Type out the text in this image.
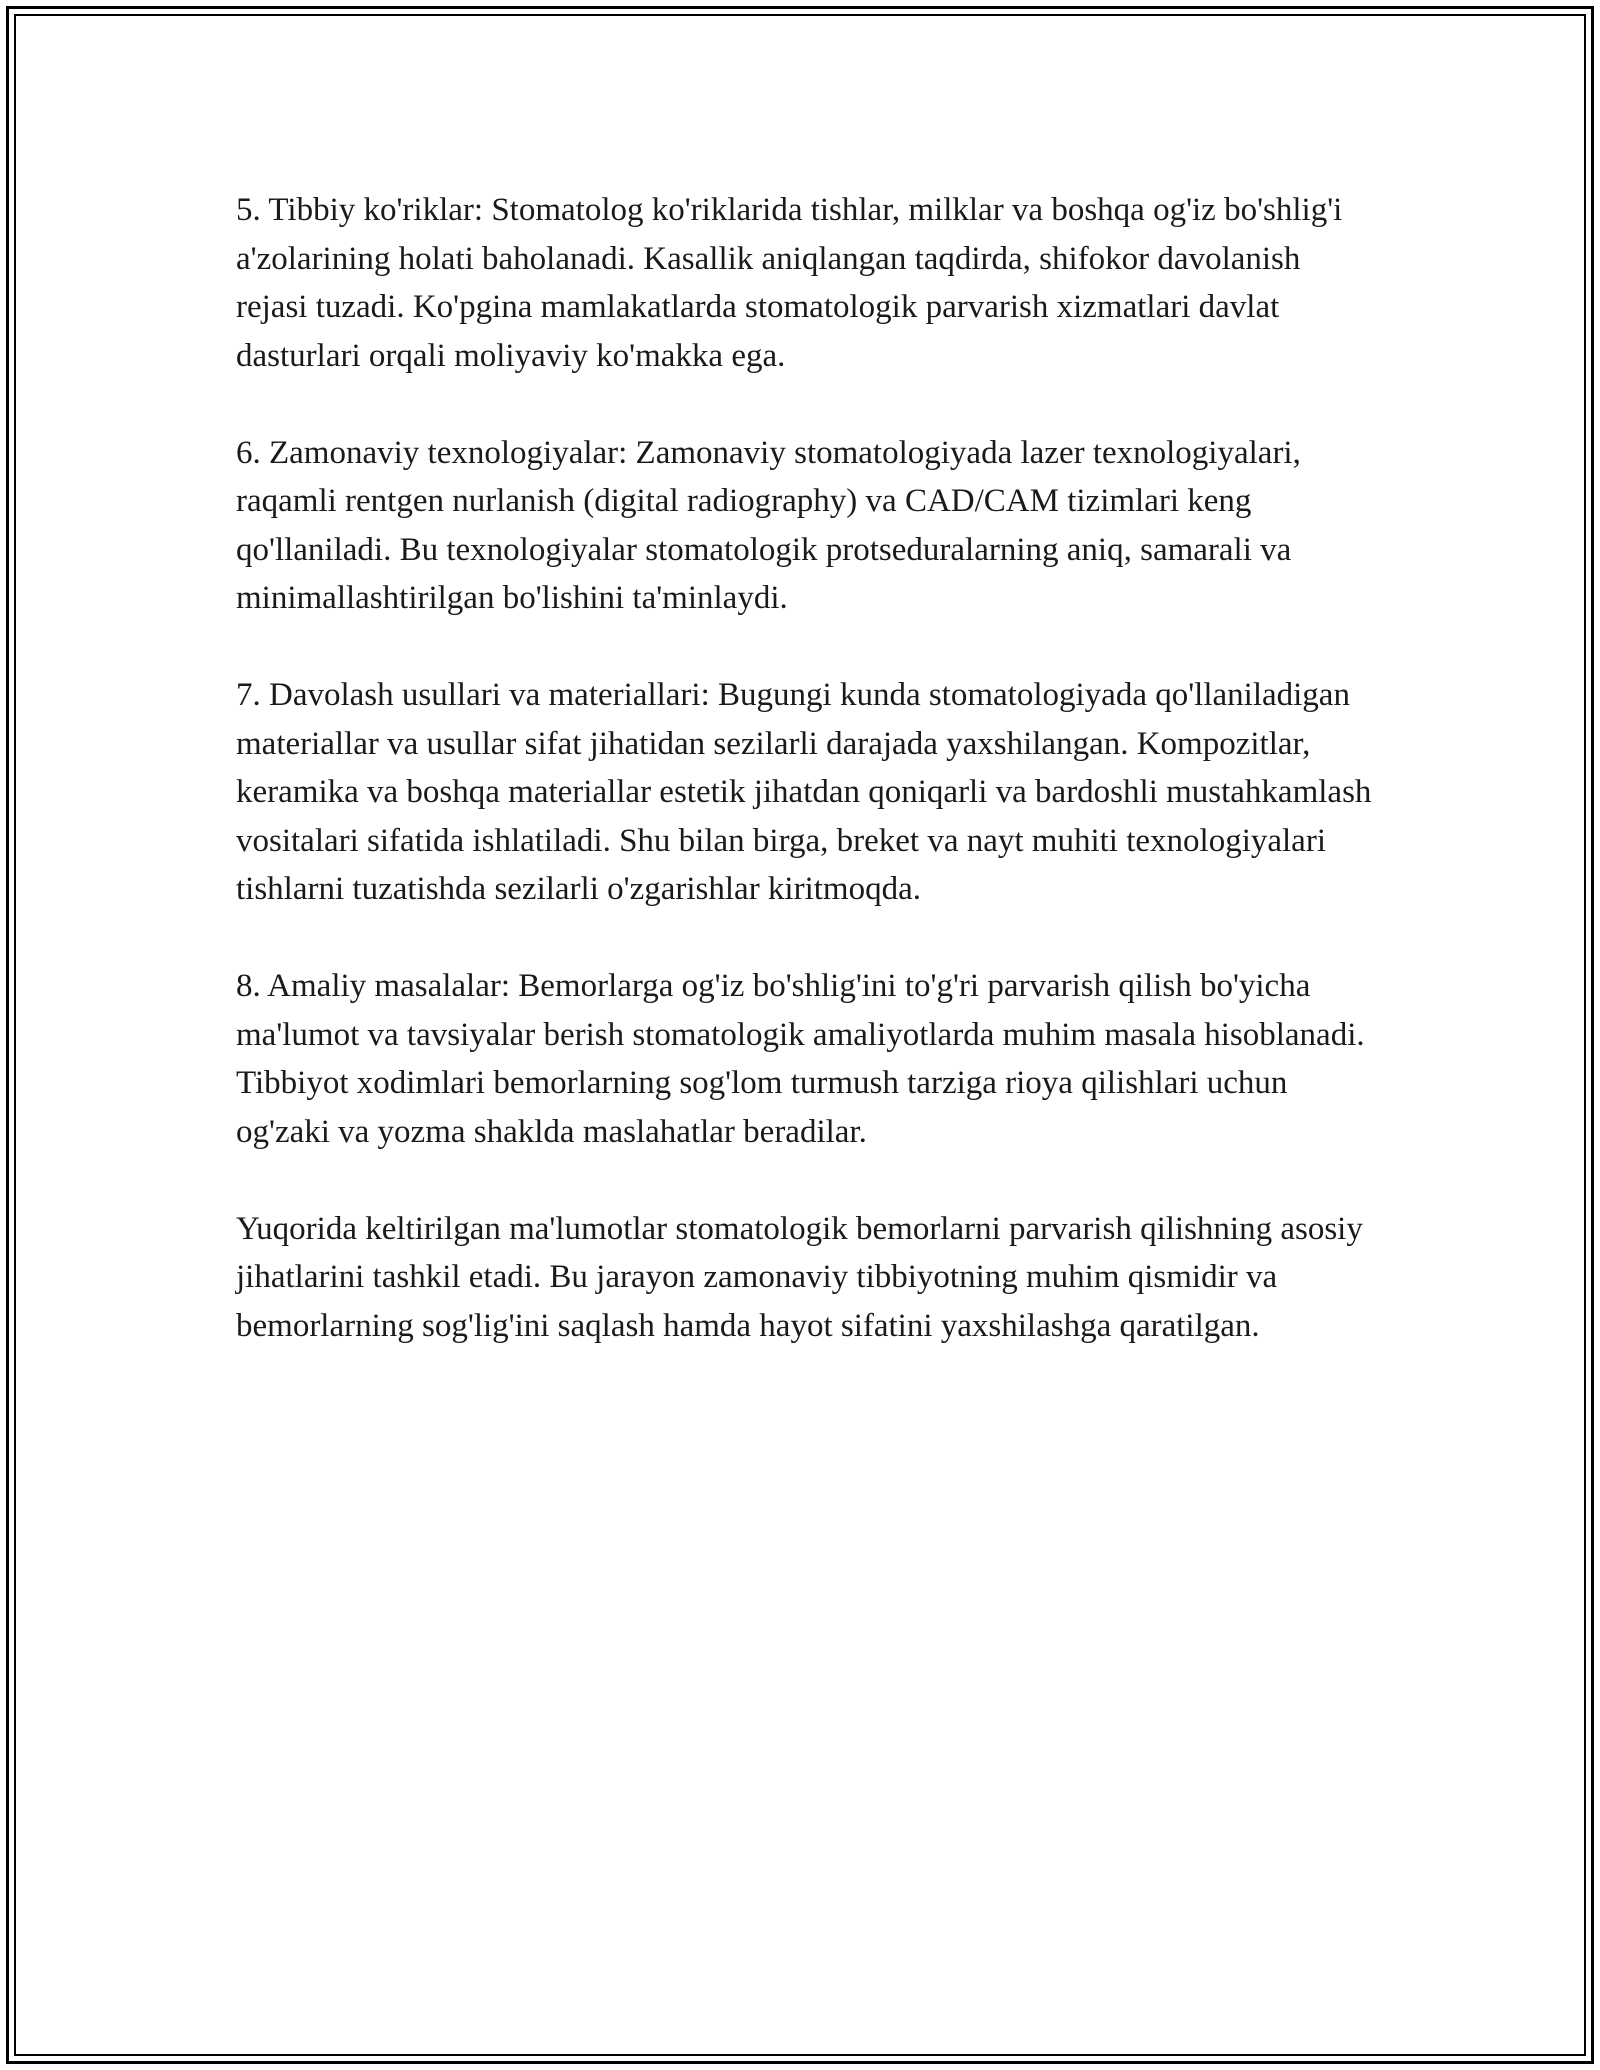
5. Tibbiy ko'riklar: Stomatolog ko'riklarida tishlar, milklar va boshqa og'iz bo'shlig'i a'zolarining holati baholanadi. Kasallik aniqlangan taqdirda, shifokor davolanish rejasi tuzadi. Ko'pgina mamlakatlarda stomatologik parvarish xizmatlari davlat dasturlari orqali moliyaviy ko'makka ega.

6. Zamonaviy texnologiyalar: Zamonaviy stomatologiyada lazer texnologiyalari, raqamli rentgen nurlanish (digital radiography) va CAD/CAM tizimlari keng qo'llaniladi. Bu texnologiyalar stomatologik protseduralarning aniq, samarali va minimallashtirilgan bo'lishini ta'minlaydi.

7. Davolash usullari va materiallari: Bugungi kunda stomatologiyada qo'llaniladigan materiallar va usullar sifat jihatidan sezilarli darajada yaxshilangan. Kompozitlar, keramika va boshqa materiallar estetik jihatdan qoniqarli va bardoshli mustahkamlash vositalari sifatida ishlatiladi. Shu bilan birga, breket va nayt muhiti texnologiyalari tishlarni tuzatishda sezilarli o'zgarishlar kiritmoqda.

8. Amaliy masalalar: Bemorlarga og'iz bo'shlig'ini to'g'ri parvarish qilish bo'yicha ma'lumot va tavsiyalar berish stomatologik amaliyotlarda muhim masala hisoblanadi. Tibbiyot xodimlari bemorlarning sog'lom turmush tarziga rioya qilishlari uchun og'zaki va yozma shaklda maslahatlar beradilar.

Yuqorida keltirilgan ma'lumotlar stomatologik bemorlarni parvarish qilishning asosiy jihatlarini tashkil etadi. Bu jarayon zamonaviy tibbiyotning muhim qismidir va bemorlarning sog'lig'ini saqlash hamda hayot sifatini yaxshilashga qaratilgan.
